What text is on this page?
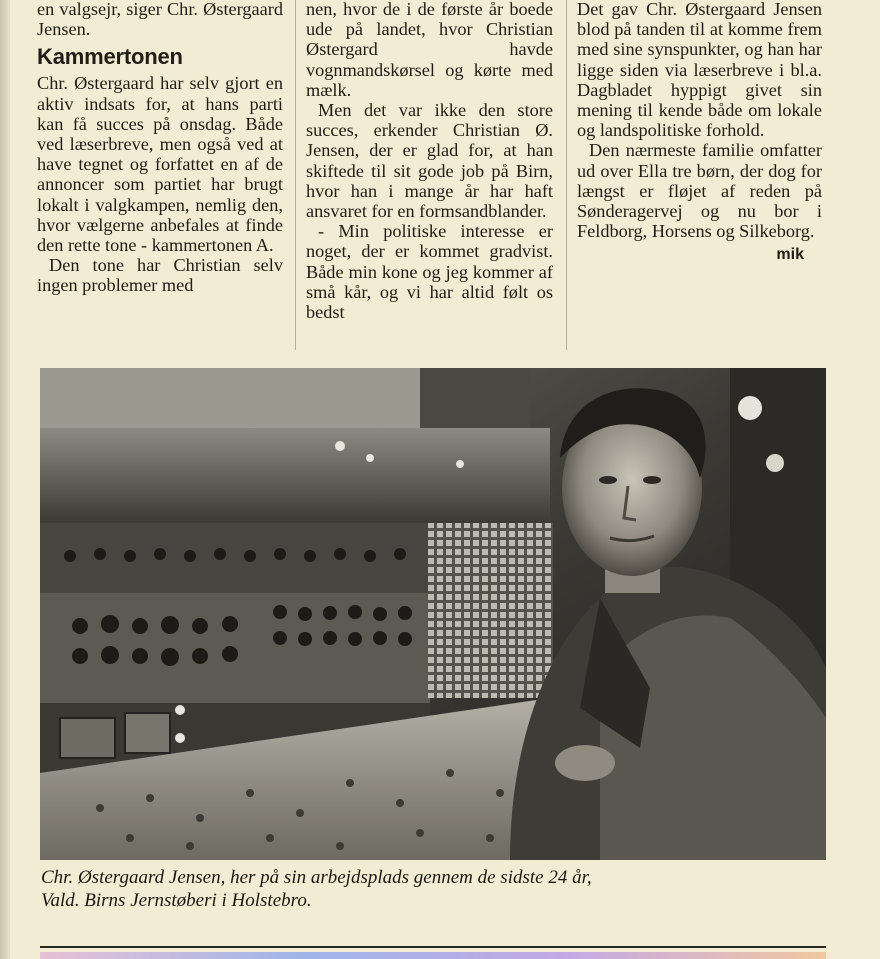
en valgsejr, siger Chr. Østergaard Jensen.

Kammertonen

Chr. Østergaard har selv gjort en aktiv indsats for, at hans parti kan få succes på onsdag. Både ved læserbreve, men også ved at have tegnet og forfattet en af de annoncer som partiet har brugt lokalt i valgkampen, nemlig den, hvor vælgerne anbefales at finde den rette tone - kammertonen A.

Den tone har Christian selv ingen problemer med

nen, hvor de i de første år boede ude på landet, hvor Christian Østergard havde vognmandskørsel og kørte med mælk.

Men det var ikke den store succes, erkender Christian Ø. Jensen, der er glad for, at han skiftede til sit gode job på Birn, hvor han i mange år har haft ansvaret for en formsandblander.

- Min politiske interesse er noget, der er kommet gradvist. Både min kone og jeg kommer af små kår, og vi har altid følt os bedst

Det gav Chr. Østergaard Jensen blod på tanden til at komme frem med sine synspunkter, og han har ligge siden via læserbreve i bl.a. Dagbladet hyppigt givet sin mening til kende både om lokale og landspolitiske forhold.

Den nærmeste familie omfatter ud over Ella tre børn, der dog for længst er fløjet af reden på Sønderagervej og nu bor i Feldborg, Horsens og Silkeborg.

mik

Chr. Østergaard Jensen, her på sin arbejdsplads gennem de sidste 24 år,
Vald. Birns Jernstøberi i Holstebro.
